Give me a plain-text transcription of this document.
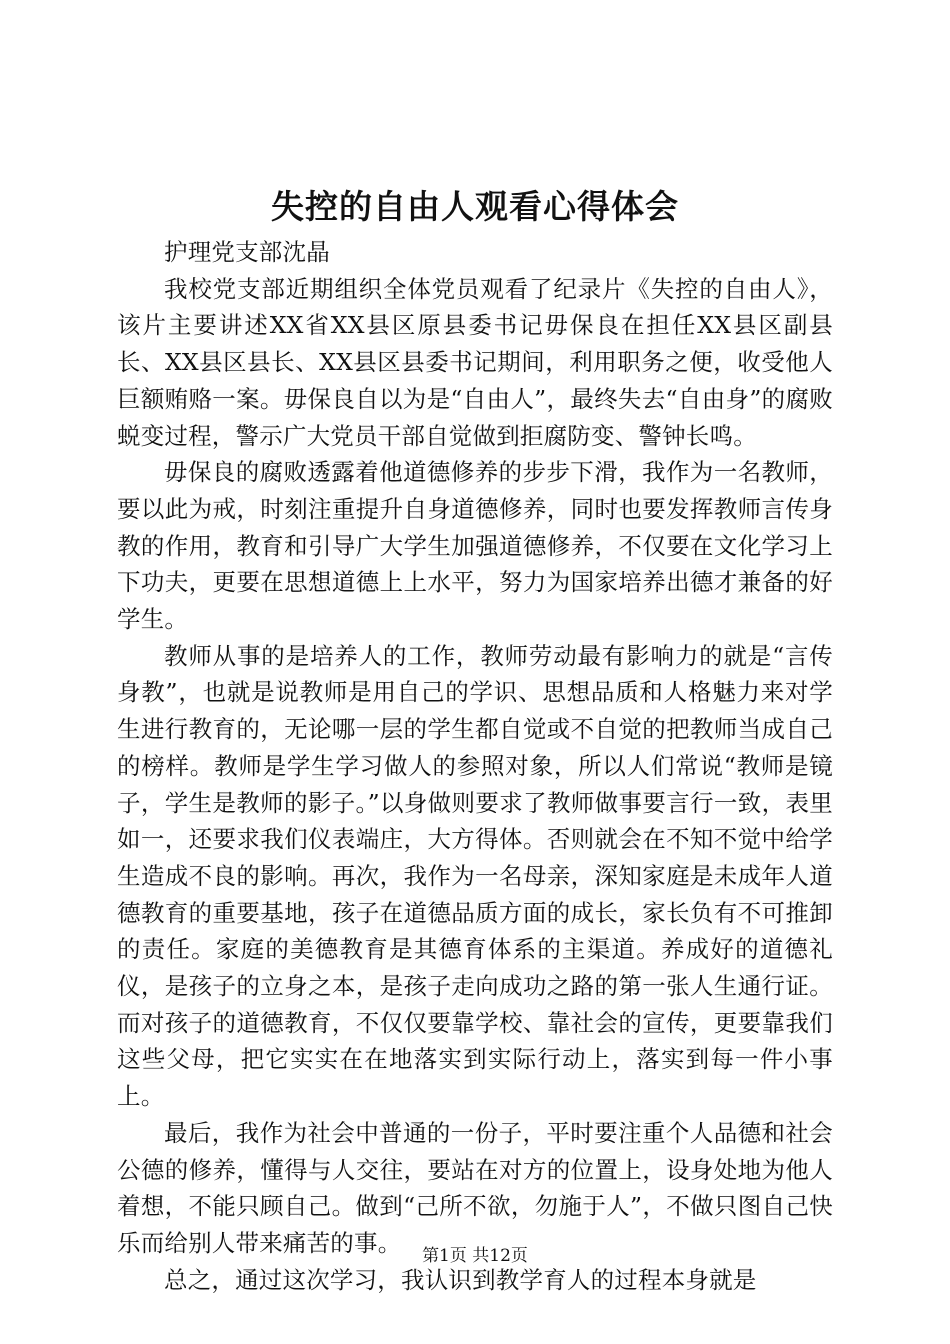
失控的自由人观看心得体会

护理党支部沈晶

我校党支部近期组织全体党员观看了纪录片《失控的自由人》，该片主要讲述XX省XX县区原县委书记毋保良在担任XX县区副县长、XX县区县长、XX县区县委书记期间，利用职务之便，收受他人巨额贿赂一案。毋保良自以为是“自由人”，最终失去“自由身”的腐败蜕变过程，警示广大党员干部自觉做到拒腐防变、警钟长鸣。

毋保良的腐败透露着他道德修养的步步下滑，我作为一名教师，要以此为戒，时刻注重提升自身道德修养，同时也要发挥教师言传身教的作用，教育和引导广大学生加强道德修养，不仅要在文化学习上下功夫，更要在思想道德上上水平，努力为国家培养出德才兼备的好学生。

教师从事的是培养人的工作，教师劳动最有影响力的就是“言传身教”，也就是说教师是用自己的学识、思想品质和人格魅力来对学生进行教育的，无论哪一层的学生都自觉或不自觉的把教师当成自己的榜样。教师是学生学习做人的参照对象，所以人们常说“教师是镜子，学生是教师的影子。”以身做则要求了教师做事要言行一致，表里如一，还要求我们仪表端庄，大方得体。否则就会在不知不觉中给学生造成不良的影响。再次，我作为一名母亲，深知家庭是未成年人道德教育的重要基地，孩子在道德品质方面的成长，家长负有不可推卸的责任。家庭的美德教育是其德育体系的主渠道。养成好的道德礼仪，是孩子的立身之本，是孩子走向成功之路的第一张人生通行证。而对孩子的道德教育，不仅仅要靠学校、靠社会的宣传，更要靠我们这些父母，把它实实在在地落实到实际行动上，落实到每一件小事上。

最后，我作为社会中普通的一份子，平时要注重个人品德和社会公德的修养，懂得与人交往，要站在对方的位置上，设身处地为他人着想，不能只顾自己。做到“己所不欲，勿施于人”，不做只图自己快乐而给别人带来痛苦的事。

总之，通过这次学习，我认识到教学育人的过程本身就是

第1页 共12页
